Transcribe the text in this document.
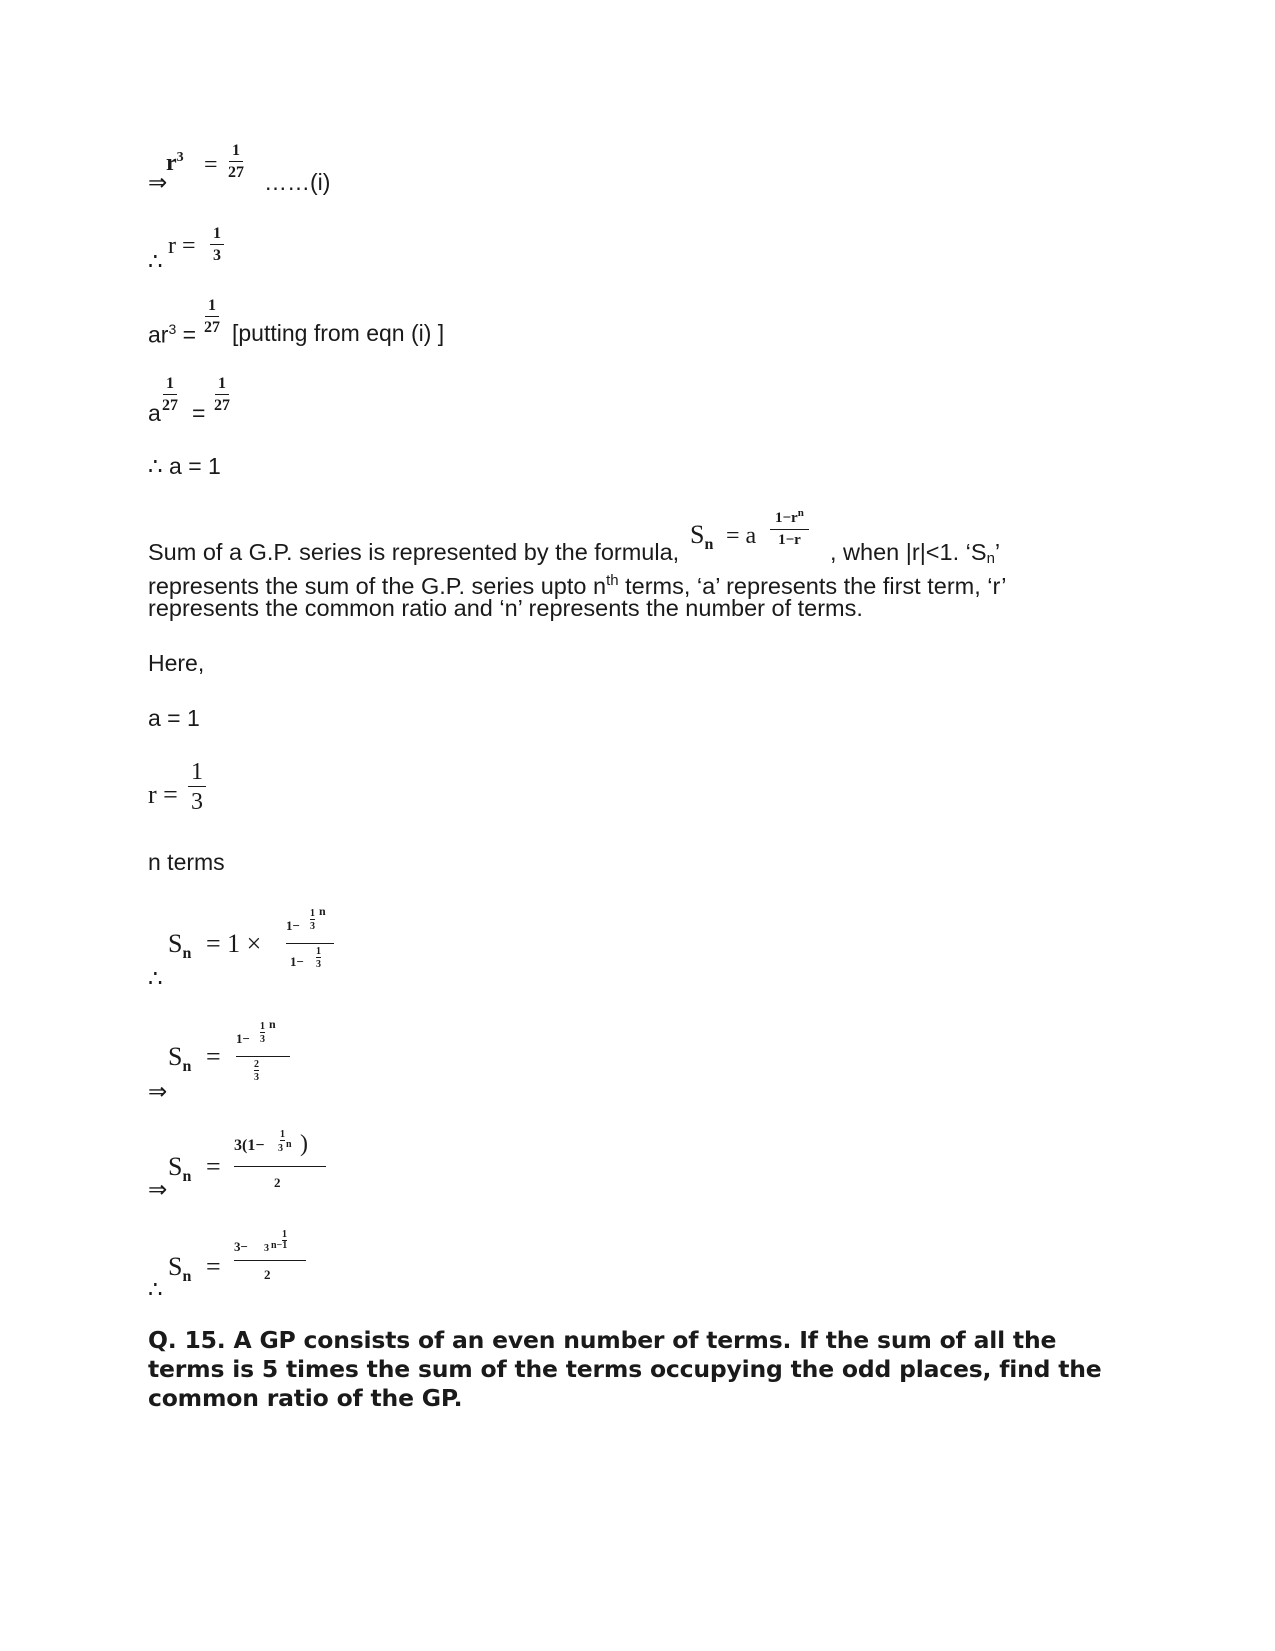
⇒
$r^3 = \frac{1}{27}$
……(i)
∴
$r = \frac{1}{3}$
$ar^3 = \frac{1}{27}$ [putting from eqn (i) ]
a $\frac{1}{27} = \frac{1}{27}$
∴ a = 1
$S_n = a \frac{1-r^n}{1-r}$
Sum of a G.P. series is represented by the formula,	, when |r|<1. ‘$S_n$’
represents the sum of the G.P. series upto $n^{th}$ terms, ‘a’ represents the first term, ‘r’
represents the common ratio and ‘n’ represents the number of terms.
Here,
a = 1
$r = \frac{1}{3}$
n terms
∴
$S_n = 1$ ×
1−
1
3
n
1−
1
3
⇒
$S_n$ =
1−
1
3
n
2
3
⇒
$S_n$ =
3(1−
1
3 n )
2
∴
$S_n$ =
3−
1
3 n−1
2
Q. 15. A GP consists of an even number of terms. If the sum of all the terms is 5 times the sum of the terms occupying the odd places, find the common ratio of the GP.
